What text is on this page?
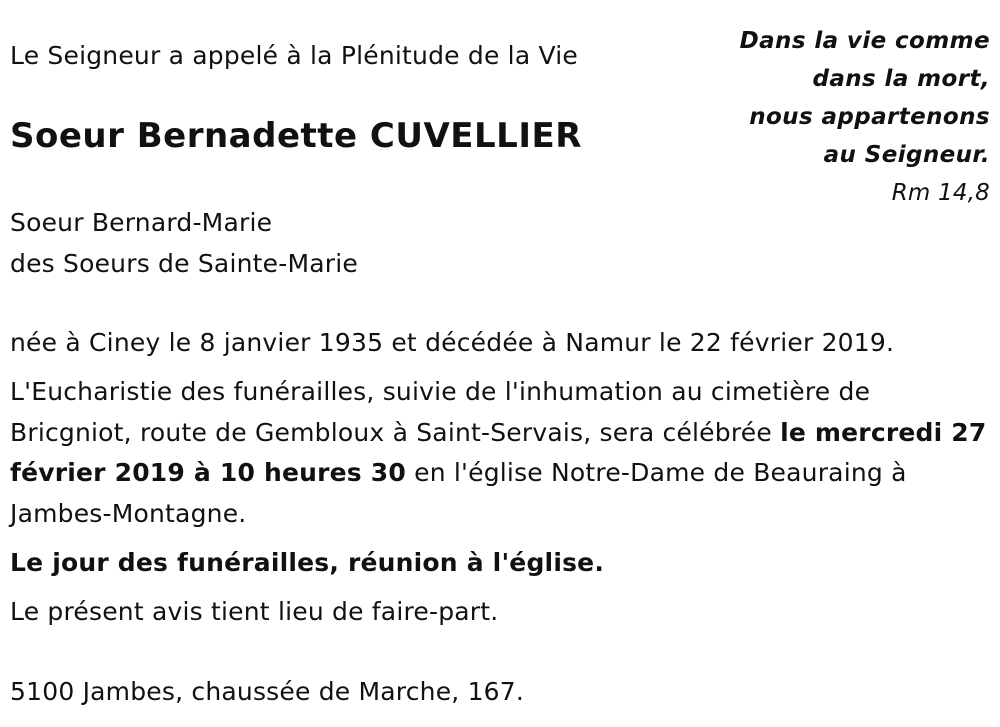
Le Seigneur a appelé à la Plénitude de la Vie
Soeur Bernadette CUVELLIER
Dans la vie comme
dans la mort,
nous appartenons
au Seigneur.
Rm 14,8
Soeur Bernard-Marie
des Soeurs de Sainte-Marie
née à Ciney le 8 janvier 1935 et décédée à Namur le 22 février 2019.
L'Eucharistie des funérailles, suivie de l'inhumation au cimetière de Bricgniot, route de Gembloux à Saint-Servais, sera célébrée le mercredi 27 février 2019 à 10 heures 30 en l'église Notre-Dame de Beauraing à Jambes-Montagne.
Le jour des funérailles, réunion à l'église.
Le présent avis tient lieu de faire-part.
5100 Jambes, chaussée de Marche, 167.
